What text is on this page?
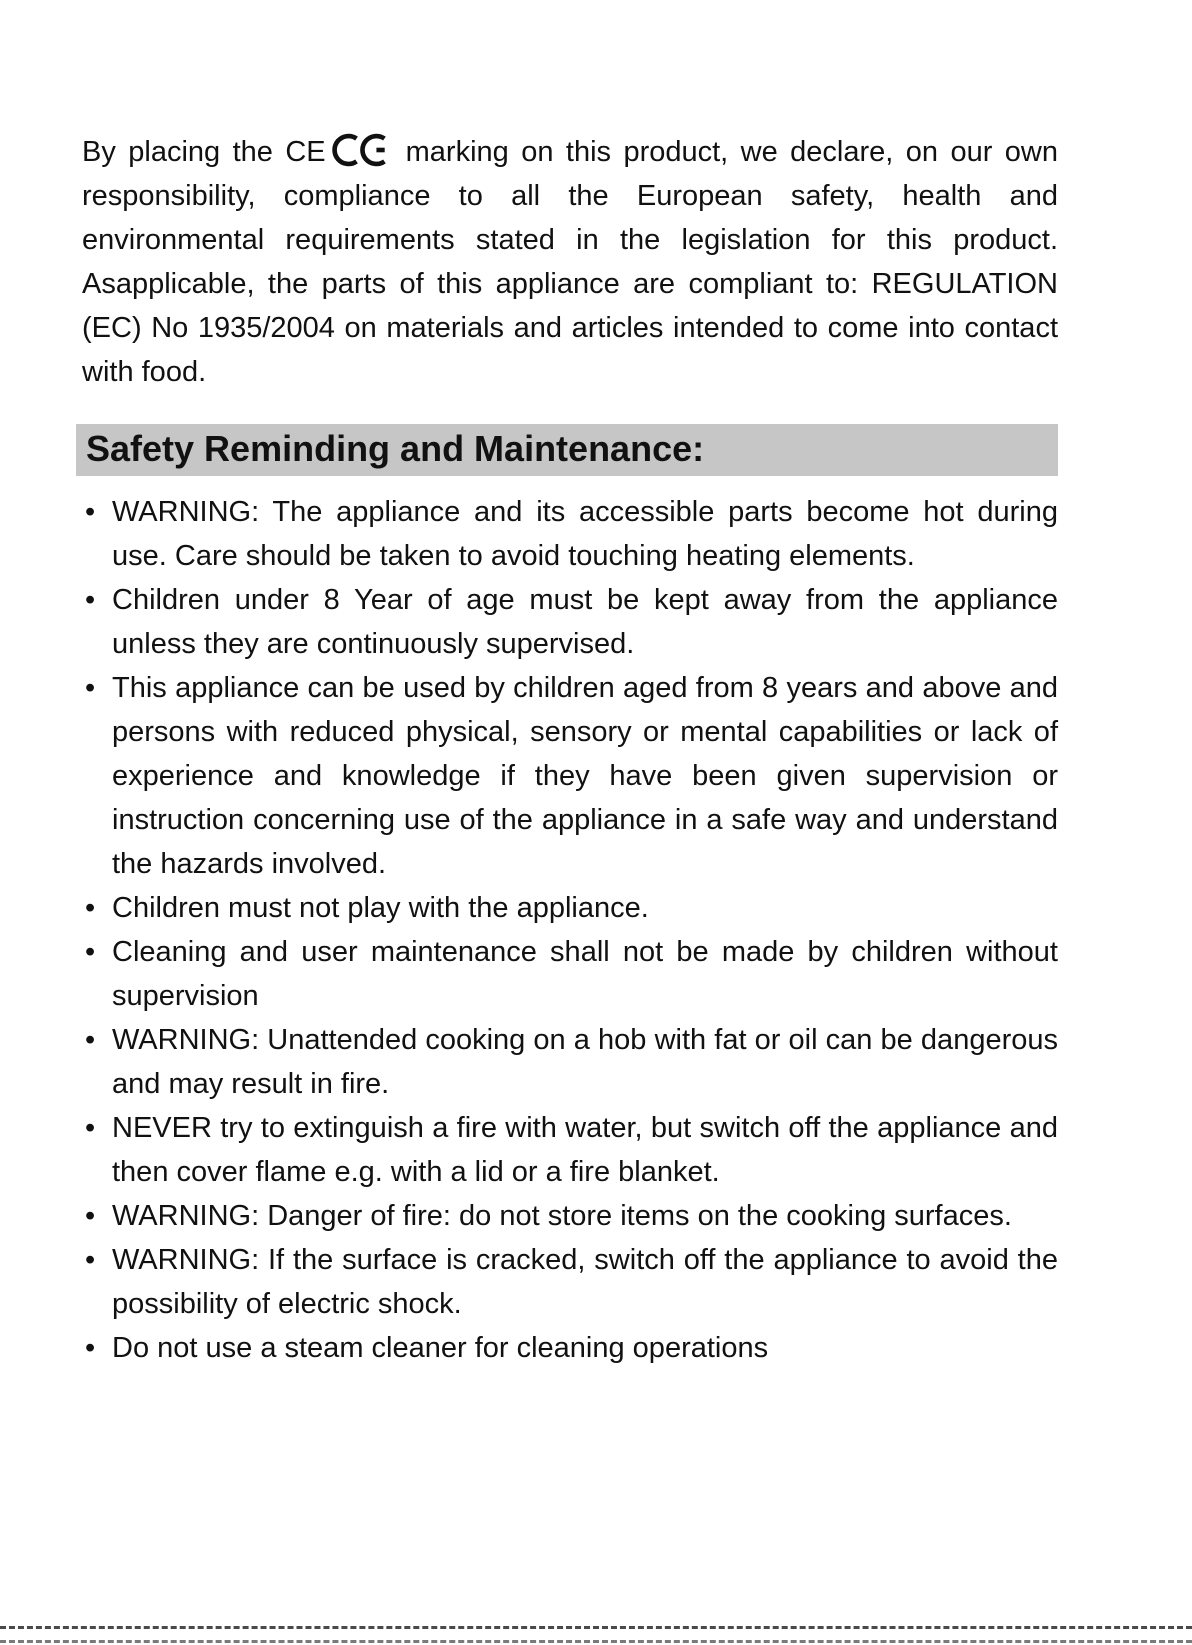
By placing the CE	marking on this product, we declare, on our own responsibility, compliance to all the European safety, health and environmental requirements stated in the legislation for this product. Asapplicable, the parts of this appliance are compliant to: REGULATION (EC) No 1935/2004 on materials and articles intended to come into contact with food.

Safety Reminding and Maintenance:
• WARNING: The appliance and its accessible parts become hot during use. Care should be taken to avoid touching heating elements.
• Children under 8 Year of age must be kept away from the appliance unless they are continuously supervised.
• This appliance can be used by children aged from 8 years and above and persons with reduced physical, sensory or mental capabilities or lack of experience and knowledge if they have been given supervision or instruction concerning use of the appliance in a safe way and understand the hazards involved.
• Children must not play with the appliance.
• Cleaning and user maintenance shall not be made by children without supervision
• WARNING: Unattended cooking on a hob with fat or oil can be dangerous and may result in fire.
• NEVER try to extinguish a fire with water, but switch off the appliance and then cover flame e.g. with a lid or a fire blanket.
• WARNING: Danger of fire: do not store items on the cooking surfaces.
• WARNING: If the surface is cracked, switch off the appliance to avoid the possibility of electric shock.
• Do not use a steam cleaner for cleaning operations
